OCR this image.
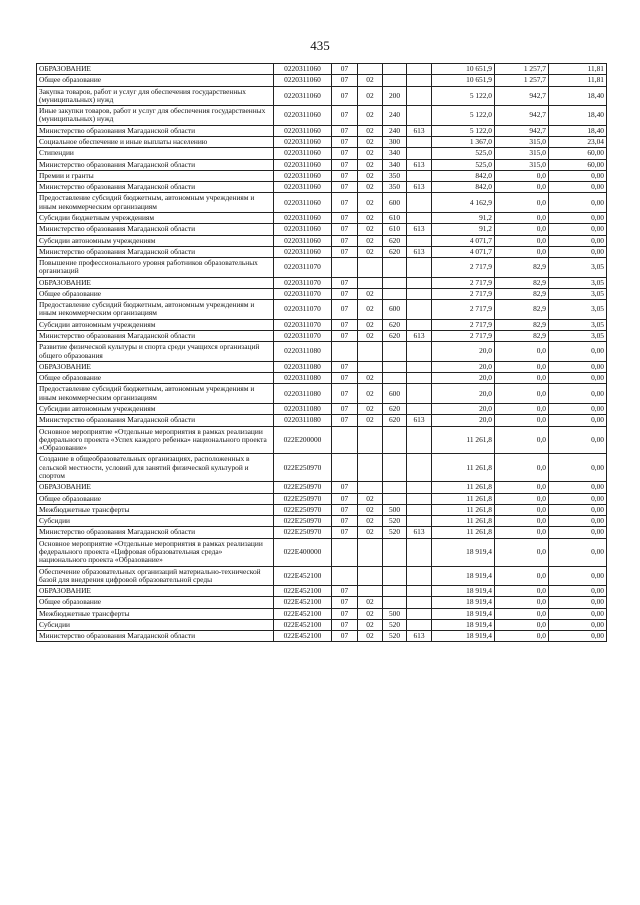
435
ОБРАЗОВАНИЕ	0220311060	07				10 651,9	1 257,7	11,81
Общее образование	0220311060	07	02			10 651,9	1 257,7	11,81
Закупка товаров, работ и услуг для обеспечения государственных (муниципальных) нужд	0220311060	07	02	200		5 122,0	942,7	18,40
Иные закупки товаров, работ и услуг для обеспечения государственных (муниципальных) нужд	0220311060	07	02	240		5 122,0	942,7	18,40
Министерство образования Магаданской области	0220311060	07	02	240	613	5 122,0	942,7	18,40
Социальное обеспечение и иные выплаты населению	0220311060	07	02	300		1 367,0	315,0	23,04
Стипендии	0220311060	07	02	340		525,0	315,0	60,00
Министерство образования Магаданской области	0220311060	07	02	340	613	525,0	315,0	60,00
Премии и гранты	0220311060	07	02	350		842,0	0,0	0,00
Министерство образования Магаданской области	0220311060	07	02	350	613	842,0	0,0	0,00
Предоставление субсидий бюджетным, автономным учреждениям и иным некоммерческим организациям	0220311060	07	02	600		4 162,9	0,0	0,00
Субсидии бюджетным учреждениям	0220311060	07	02	610		91,2	0,0	0,00
Министерство образования Магаданской области	0220311060	07	02	610	613	91,2	0,0	0,00
Субсидии автономным учреждениям	0220311060	07	02	620		4 071,7	0,0	0,00
Министерство образования Магаданской области	0220311060	07	02	620	613	4 071,7	0,0	0,00
Повышение профессионального уровня работников образовательных организаций	0220311070					2 717,9	82,9	3,05
ОБРАЗОВАНИЕ	0220311070	07				2 717,9	82,9	3,05
Общее образование	0220311070	07	02			2 717,9	82,9	3,05
Предоставление субсидий бюджетным, автономным учреждениям и иным некоммерческим организациям	0220311070	07	02	600		2 717,9	82,9	3,05
Субсидии автономным учреждениям	0220311070	07	02	620		2 717,9	82,9	3,05
Министерство образования Магаданской области	0220311070	07	02	620	613	2 717,9	82,9	3,05
Развитие физической культуры и спорта среди учащихся организаций общего образования	0220311080					20,0	0,0	0,00
ОБРАЗОВАНИЕ	0220311080	07				20,0	0,0	0,00
Общее образование	0220311080	07	02			20,0	0,0	0,00
Предоставление субсидий бюджетным, автономным учреждениям и иным некоммерческим организациям	0220311080	07	02	600		20,0	0,0	0,00
Субсидии автономным учреждениям	0220311080	07	02	620		20,0	0,0	0,00
Министерство образования Магаданской области	0220311080	07	02	620	613	20,0	0,0	0,00
Основное мероприятие «Отдельные мероприятия в рамках реализации федерального проекта «Успех каждого ребенка» национального проекта «Образование»	022E200000					11 261,8	0,0	0,00
Создание в общеобразовательных организациях, расположенных в сельской местности, условий для занятий физической культурой и спортом	022E250970					11 261,8	0,0	0,00
ОБРАЗОВАНИЕ	022E250970	07				11 261,8	0,0	0,00
Общее образование	022E250970	07	02			11 261,8	0,0	0,00
Межбюджетные трансферты	022E250970	07	02	500		11 261,8	0,0	0,00
Субсидии	022E250970	07	02	520		11 261,8	0,0	0,00
Министерство образования Магаданской области	022E250970	07	02	520	613	11 261,8	0,0	0,00
Основное мероприятие «Отдельные мероприятия в рамках реализации федерального проекта «Цифровая образовательная среда» национального проекта «Образование»	022E400000					18 919,4	0,0	0,00
Обеспечение образовательных организаций материально-технической базой для внедрения цифровой образовательной среды	022E452100					18 919,4	0,0	0,00
ОБРАЗОВАНИЕ	022E452100	07				18 919,4	0,0	0,00
Общее образование	022E452100	07	02			18 919,4	0,0	0,00
Межбюджетные трансферты	022E452100	07	02	500		18 919,4	0,0	0,00
Субсидии	022E452100	07	02	520		18 919,4	0,0	0,00
Министерство образования Магаданской области	022E452100	07	02	520	613	18 919,4	0,0	0,00
